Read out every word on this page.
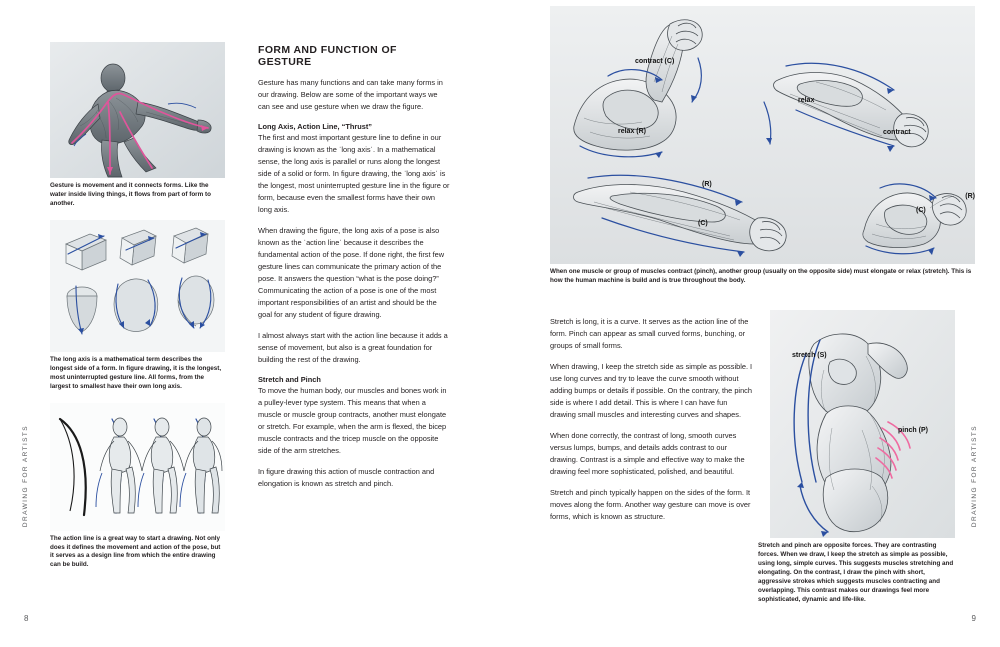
DRAWING FOR ARTISTS
8
Gesture is movement and it connects forms. Like the water inside living things, it flows from part of form to another.
The long axis is a mathematical term describes the longest side of a form. In figure drawing, it is the longest, most uninterrupted gesture line. All forms, from the largest to smallest have their own long axis.
The action line is a great way to start a drawing. Not only does it defines the movement and action of the pose, but it serves as a design line from which the entire drawing can be build.
FORM AND FUNCTION OF GESTURE

Gesture has many functions and can take many forms in our drawing. Below are some of the important ways we can see and use gesture when we draw the figure.

Long Axis, Action Line, “Thrust”

The first and most important gesture line to define in our drawing is known as the ˈlong axisˈ. In a mathematical sense, the long axis is parallel or runs along the longest side of a solid or form. In figure drawing, the ˈlong axisˈ is the longest, most uninterrupted gesture line in the figure or form, because even the smallest forms have their own long axis.

When drawing the figure, the long axis of a pose is also known as the ˈaction lineˈ because it describes the fundamental action of the pose. If done right, the first few gesture lines can communicate the primary action of the pose. It answers the question “what is the pose doing?” Communicating the action of a pose is one of the most important responsibilities of an artist and should be the goal for any student of figure drawing.

I almost always start with the action line because it adds a sense of movement, but also is a great foundation for building the rest of the drawing.

Stretch and Pinch

To move the human body, our muscles and bones work in a pulley-lever type system. This means that when a muscle or muscle group contracts, another must elongate or stretch. For example, when the arm is flexed, the bicep muscle contracts and the tricep muscle on the opposite side of the arm stretches.

In figure drawing this action of muscle contraction and elongation is known as stretch and pinch.	DRAWING FOR ARTISTS
9
contract (C)
relax
relax (R)	contract
(R)
(R)
(C)
(C)
When one muscle or group of muscles contract (pinch), another group (usually on the opposite side) must elongate or relax (stretch). This is how the human machine is build and is true throughout the body.

Stretch is long, it is a curve. It serves as the action line of the form. Pinch can appear as small curved forms, bunching, or groups of small forms.

When drawing, I keep the stretch side as simple as possible. I use long curves and try to leave the curve smooth without adding bumps or details if possible. On the contrary, the pinch side is where I add detail. This is where I can have fun drawing small muscles and interesting curves and shapes.

When done correctly, the contrast of long, smooth curves versus lumps, bumps, and details adds contrast to our drawing. Contrast is a simple and effective way to make the drawing feel more sophisticated, polished, and beautiful.

Stretch and pinch typically happen on the sides of the form. It moves along the form. Another way gesture can move is over forms, which is known as structure.

stretch (S)
pinch (P)
Stretch and pinch are opposite forces. They are contrasting forces. When we draw, I keep the stretch as simple as possible, using long, simple curves. This suggests muscles stretching and elongating. On the contrast, I draw the pinch with short, aggressive strokes which suggests muscles contracting and overlapping. This contrast makes our drawings feel more sophisticated, dynamic and life-like.
